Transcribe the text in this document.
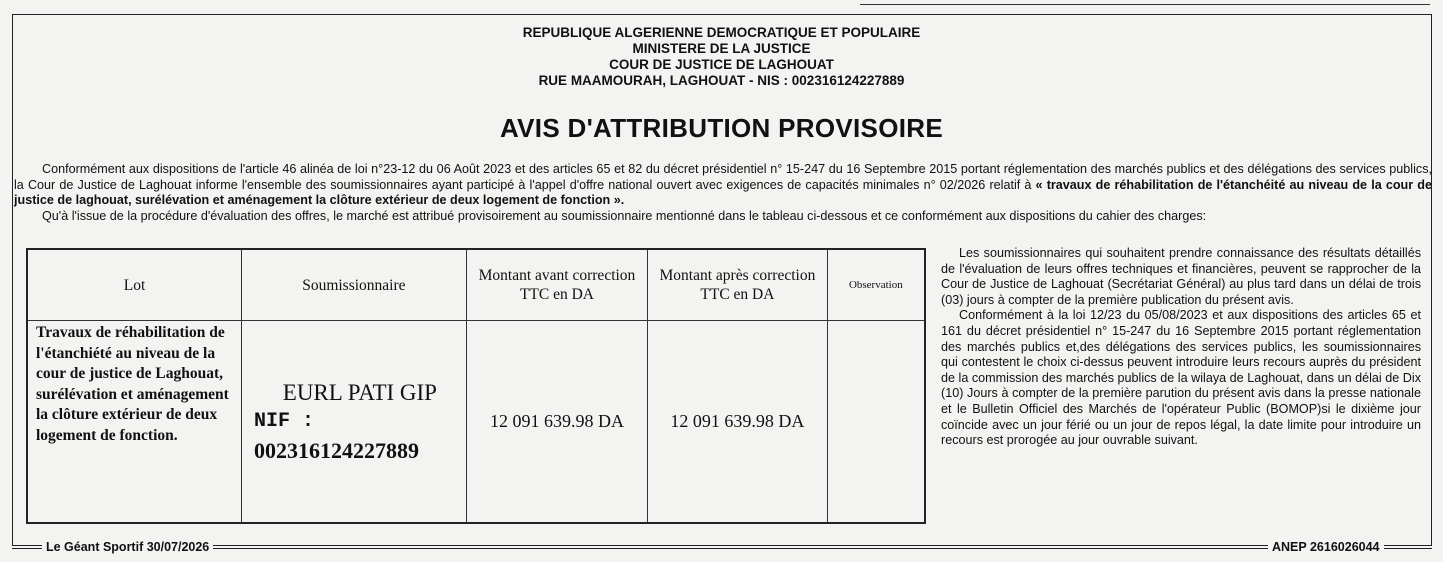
REPUBLIQUE ALGERIENNE DEMOCRATIQUE ET POPULAIRE
MINISTERE DE LA JUSTICE
COUR DE JUSTICE DE LAGHOUAT
RUE MAAMOURAH, LAGHOUAT - NIS : 002316124227889
AVIS D'ATTRIBUTION PROVISOIRE

Conformément aux dispositions de l'article 46 alinéa de loi n°23-12 du 06 Août 2023 et des articles 65 et 82 du décret présidentiel n° 15-247 du 16 Septembre 2015 portant réglementation des marchés publics et des délégations des services publics, la Cour de Justice de Laghouat informe l'ensemble des soumissionnaires ayant participé à l'appel d'offre national ouvert avec exigences de capacités minimales n° 02/2026 relatif à « travaux de réhabilitation de l'étanchéité au niveau de la cour de justice de laghouat, surélévation et aménagement la clôture extérieur de deux logement de fonction ».

Qu'à l'issue de la procédure d'évaluation des offres, le marché est attribué provisoirement au soumissionnaire mentionné dans le tableau ci-dessous et ce conformément aux dispositions du cahier des charges:

Lot	Soumissionnaire	Montant avant correction TTC en DA	Montant après correction TTC en DA	Observation
Travaux de réhabilitation de l'étanchiété au niveau de la cour de justice de Laghouat, surélévation et aménagement la clôture extérieur de deux logement de fonction.	EURL PATI GIP
NIF :
002316124227889	12 091 639.98 DA	12 091 639.98 DA	

Les soumissionnaires qui souhaitent prendre connaissance des résultats détaillés de l'évaluation de leurs offres techniques et financières, peuvent se rapprocher de la Cour de Justice de Laghouat (Secrétariat Général) au plus tard dans un délai de trois (03) jours à compter de la première publication du présent avis.

Conformément à la loi 12/23 du 05/08/2023 et aux dispositions des articles 65 et 161 du décret présidentiel n° 15-247 du 16 Septembre 2015 portant réglementation des marchés publics et,des délégations des services publics, les soumissionnaires qui contestent le choix ci-dessus peuvent introduire leurs recours auprès du président de la commission des marchés publics de la wilaya de Laghouat, dans un délai de Dix (10) Jours à compter de la première parution du présent avis dans la presse nationale et le Bulletin Officiel des Marchés de l'opérateur Public (BOMOP)si le dixième jour coïncide avec un jour férié ou un jour de repos légal, la date limite pour introduire un recours est prorogée au jour ouvrable suivant.

Le Géant Sportif 30/07/2026	ANEP 2616026044
